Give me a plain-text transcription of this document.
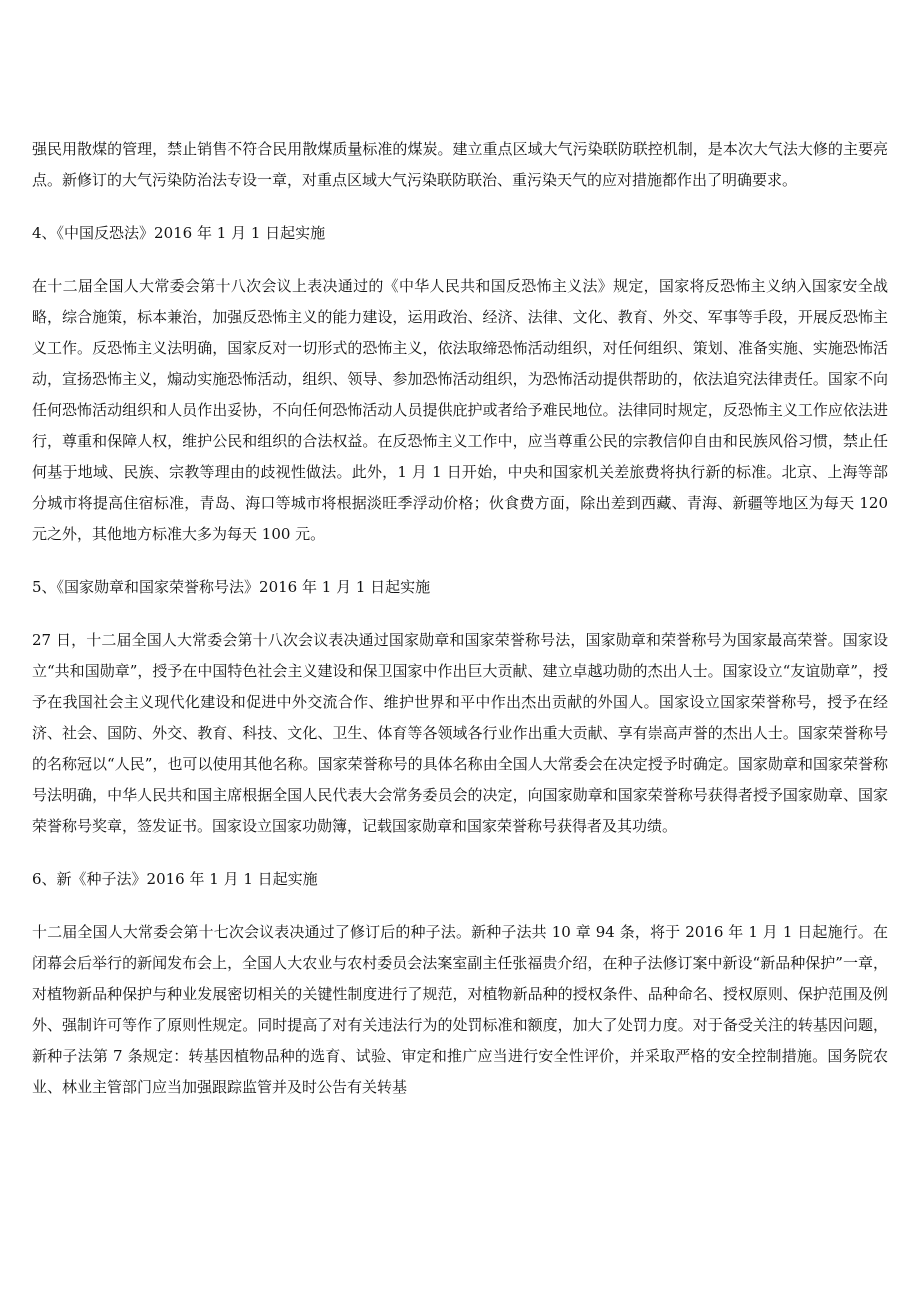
强民用散煤的管理，禁止销售不符合民用散煤质量标准的煤炭。建立重点区域大气污染联防联控机制，是本次大气法大修的主要亮点。新修订的大气污染防治法专设一章，对重点区域大气污染联防联治、重污染天气的应对措施都作出了明确要求。

4、《中国反恐法》2016 年 1 月 1 日起实施

在十二届全国人大常委会第十八次会议上表决通过的《中华人民共和国反恐怖主义法》规定，国家将反恐怖主义纳入国家安全战略，综合施策，标本兼治，加强反恐怖主义的能力建设，运用政治、经济、法律、文化、教育、外交、军事等手段，开展反恐怖主义工作。反恐怖主义法明确，国家反对一切形式的恐怖主义，依法取缔恐怖活动组织，对任何组织、策划、准备实施、实施恐怖活动，宣扬恐怖主义，煽动实施恐怖活动，组织、领导、参加恐怖活动组织，为恐怖活动提供帮助的，依法追究法律责任。国家不向任何恐怖活动组织和人员作出妥协，不向任何恐怖活动人员提供庇护或者给予难民地位。法律同时规定，反恐怖主义工作应依法进行，尊重和保障人权，维护公民和组织的合法权益。在反恐怖主义工作中，应当尊重公民的宗教信仰自由和民族风俗习惯，禁止任何基于地域、民族、宗教等理由的歧视性做法。此外，1 月 1 日开始，中央和国家机关差旅费将执行新的标准。北京、上海等部分城市将提高住宿标准，青岛、海口等城市将根据淡旺季浮动价格；伙食费方面，除出差到西藏、青海、新疆等地区为每天 120 元之外，其他地方标准大多为每天 100 元。

5、《国家勋章和国家荣誉称号法》2016 年 1 月 1 日起实施

27 日，十二届全国人大常委会第十八次会议表决通过国家勋章和国家荣誉称号法，国家勋章和荣誉称号为国家最高荣誉。国家设立“共和国勋章”，授予在中国特色社会主义建设和保卫国家中作出巨大贡献、建立卓越功勋的杰出人士。国家设立“友谊勋章”，授予在我国社会主义现代化建设和促进中外交流合作、维护世界和平中作出杰出贡献的外国人。国家设立国家荣誉称号，授予在经济、社会、国防、外交、教育、科技、文化、卫生、体育等各领域各行业作出重大贡献、享有崇高声誉的杰出人士。国家荣誉称号的名称冠以“人民”，也可以使用其他名称。国家荣誉称号的具体名称由全国人大常委会在决定授予时确定。国家勋章和国家荣誉称号法明确，中华人民共和国主席根据全国人民代表大会常务委员会的决定，向国家勋章和国家荣誉称号获得者授予国家勋章、国家荣誉称号奖章，签发证书。国家设立国家功勋簿，记载国家勋章和国家荣誉称号获得者及其功绩。

6、新《种子法》2016 年 1 月 1 日起实施

十二届全国人大常委会第十七次会议表决通过了修订后的种子法。新种子法共 10 章 94 条，将于 2016 年 1 月 1 日起施行。在闭幕会后举行的新闻发布会上，全国人大农业与农村委员会法案室副主任张福贵介绍，在种子法修订案中新设“新品种保护”一章，对植物新品种保护与种业发展密切相关的关键性制度进行了规范，对植物新品种的授权条件、品种命名、授权原则、保护范围及例外、强制许可等作了原则性规定。同时提高了对有关违法行为的处罚标准和额度，加大了处罚力度。对于备受关注的转基因问题，新种子法第 7 条规定：转基因植物品种的选育、试验、审定和推广应当进行安全性评价，并采取严格的安全控制措施。国务院农业、林业主管部门应当加强跟踪监管并及时公告有关转基
